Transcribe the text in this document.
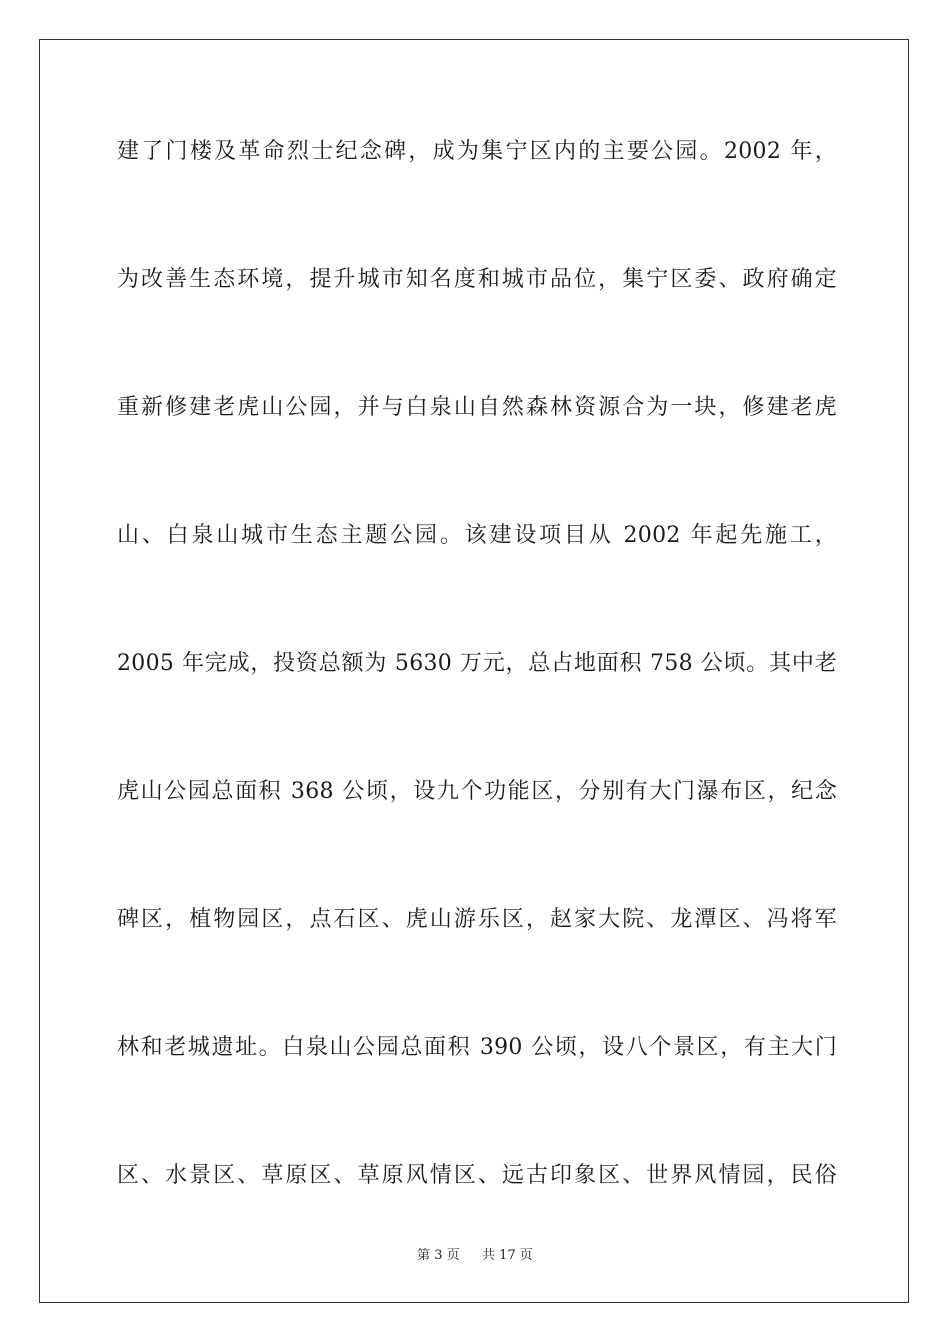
建了门楼及革命烈士纪念碑，成为集宁区内的主要公园。2002 年，
为改善生态环境，提升城市知名度和城市品位，集宁区委、政府确定
重新修建老虎山公园，并与白泉山自然森林资源合为一块，修建老虎
山、白泉山城市生态主题公园。该建设项目从 2002 年起先施工，
2005 年完成，投资总额为 5630 万元，总占地面积 758 公顷。其中老
虎山公园总面积 368 公顷，设九个功能区，分别有大门瀑布区，纪念
碑区，植物园区，点石区、虎山游乐区，赵家大院、龙潭区、冯将军
林和老城遗址。白泉山公园总面积 390 公顷，设八个景区，有主大门
区、水景区、草原区、草原风情区、远古印象区、世界风情园，民俗
第 3 页 共 17 页
